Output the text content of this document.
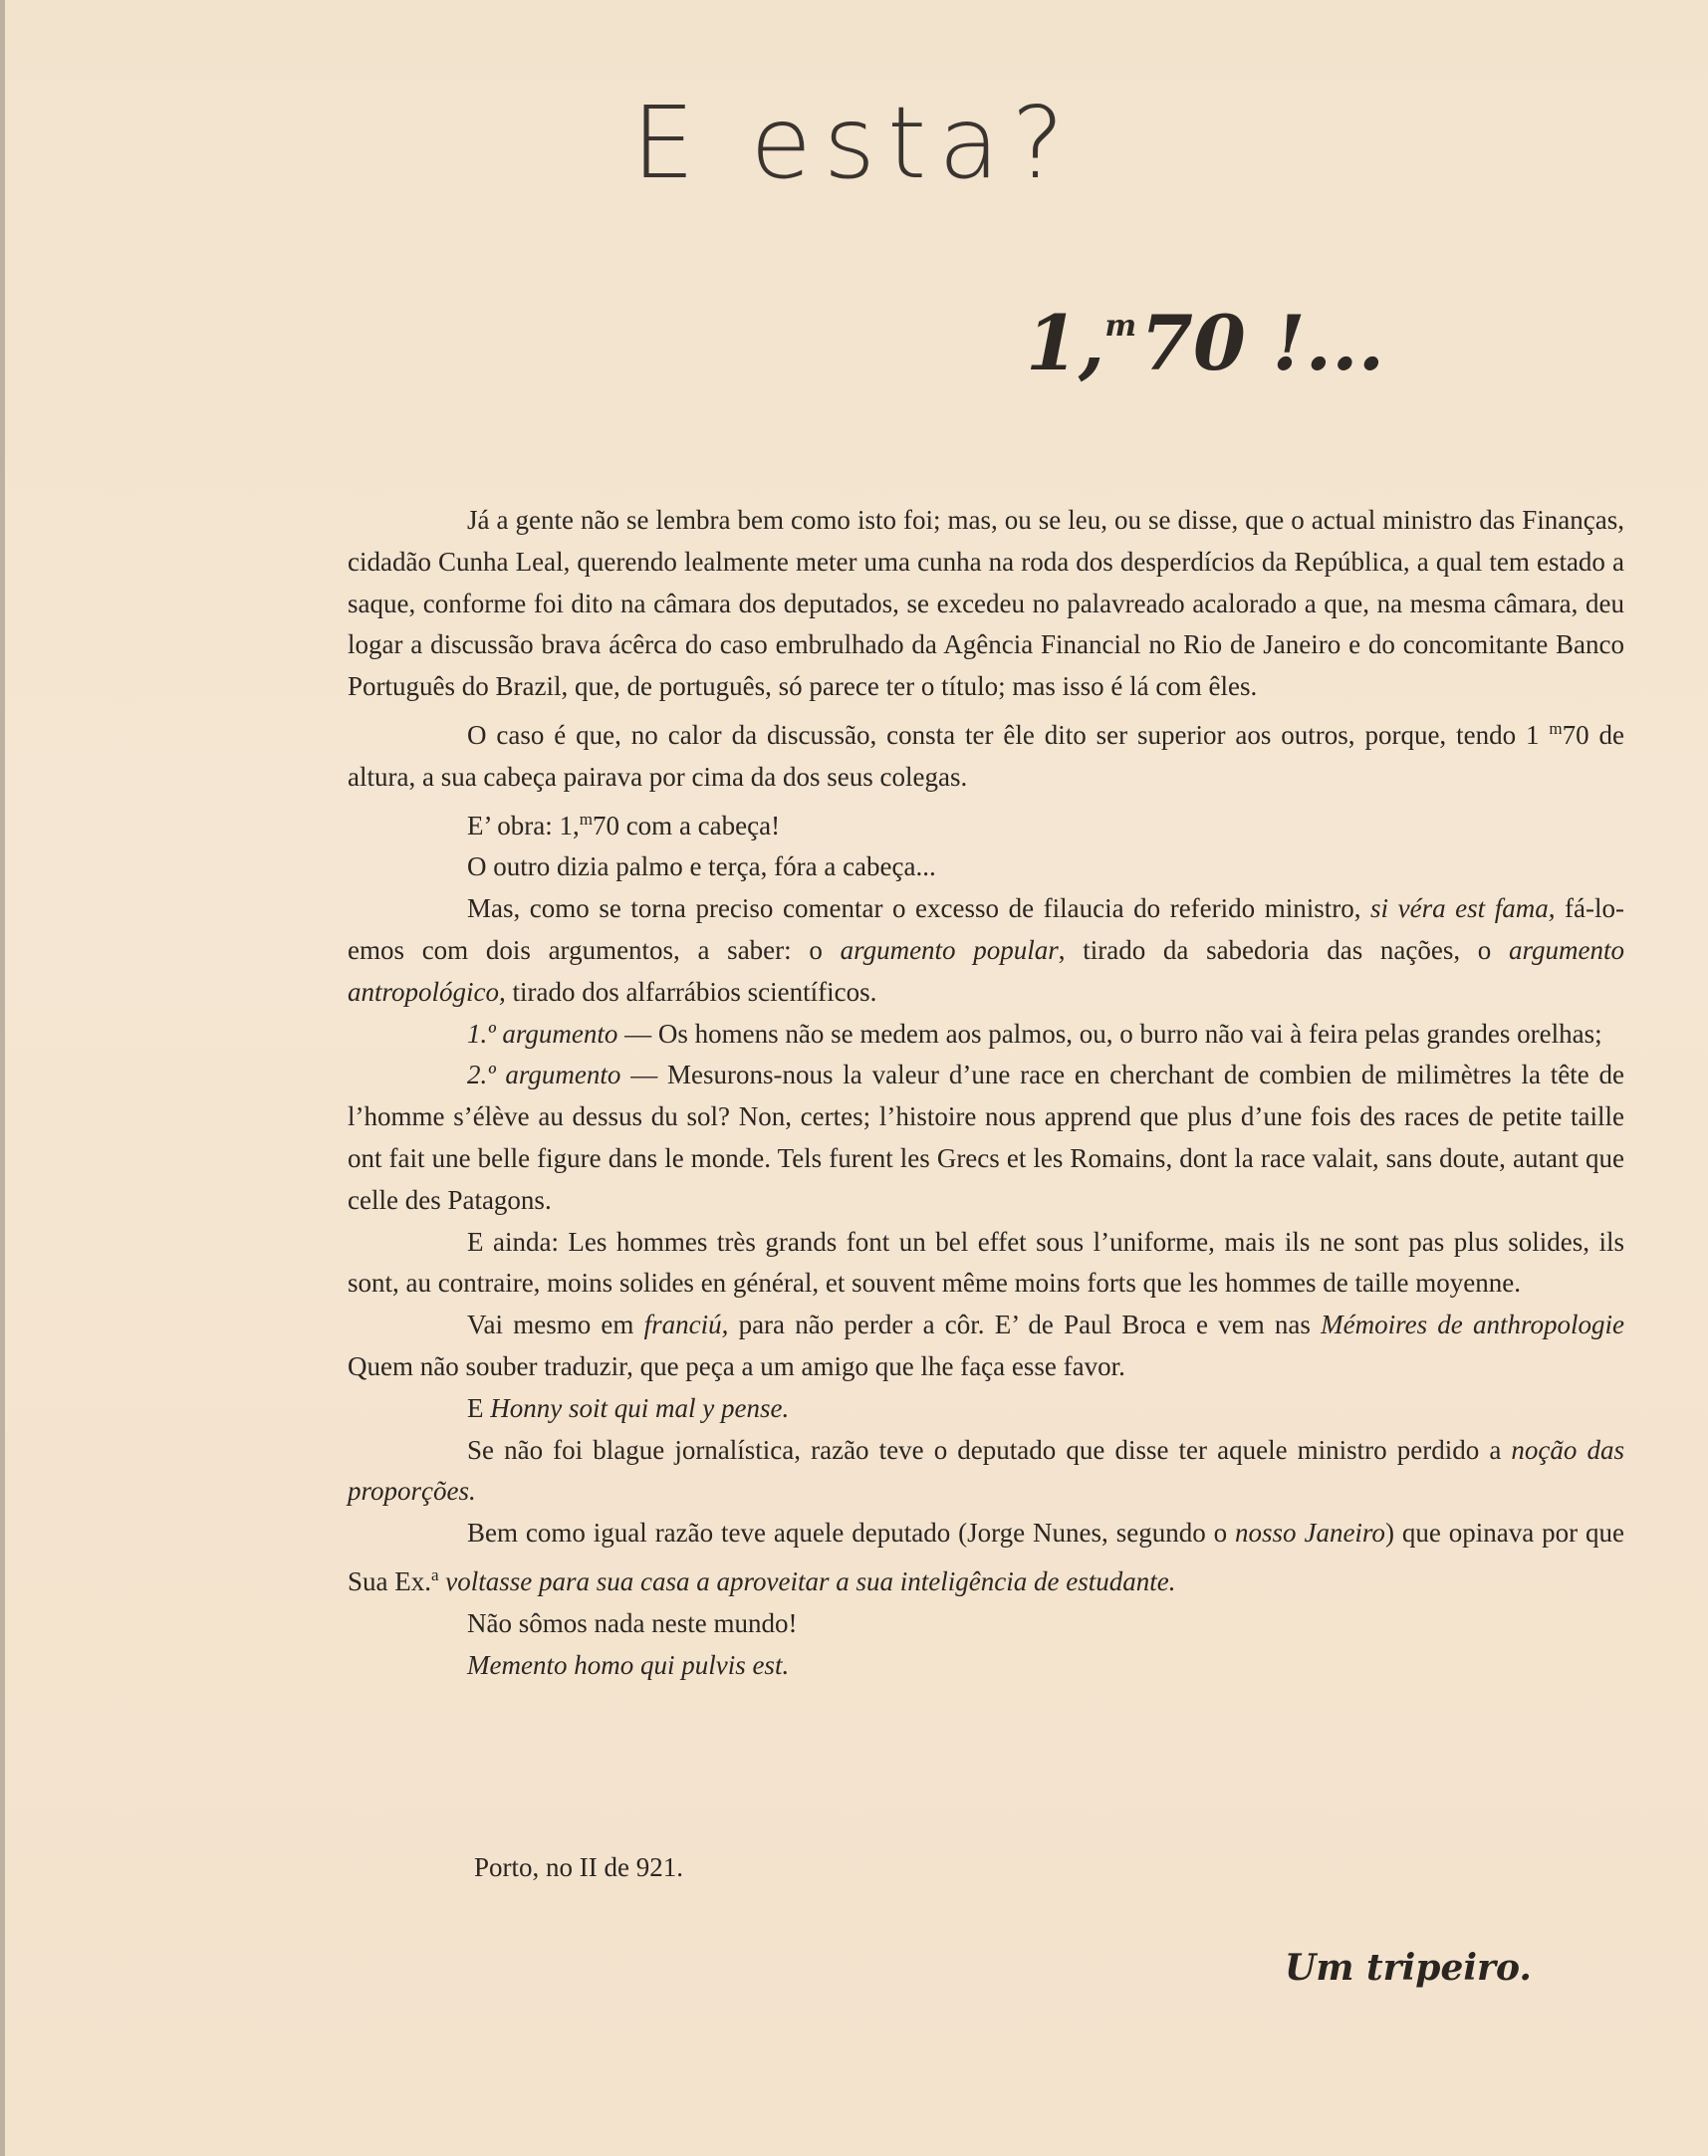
E esta?
1,$^m$70 !...

Já a gente não se lembra bem como isto foi; mas, ou se leu, ou se disse, que o actual ministro das Finanças, cidadão Cunha Leal, querendo lealmente meter uma cunha na roda dos desperdícios da República, a qual tem estado a saque, conforme foi dito na câmara dos deputados, se excedeu no palavreado acalorado a que, na mesma câmara, deu logar a discussão brava ácêrca do caso embrulhado da Agência Financial no Rio de Janeiro e do concomitante Banco Português do Brazil, que, de português, só parece ter o título; mas isso é lá com êles.

O caso é que, no calor da discussão, consta ter êle dito ser superior aos outros, porque, tendo 1 $^m$70 de altura, a sua cabeça pairava por cima da dos seus colegas.

E’ obra: 1,$^m$70 com a cabeça!

O outro dizia palmo e terça, fóra a cabeça...

Mas, como se torna preciso comentar o excesso de filaucia do referido ministro, si véra est fama, fá-lo-emos com dois argumentos, a saber: o argumento popular, tirado da sabedoria das nações, o argumento antropológico, tirado dos alfarrábios scientíficos.

1.º argumento — Os homens não se medem aos palmos, ou, o burro não vai à feira pelas grandes orelhas;

2.º argumento — Mesurons-nous la valeur d’une race en cherchant de combien de milimètres la tête de l’homme s’élève au dessus du sol? Non, certes; l’histoire nous apprend que plus d’une fois des races de petite taille ont fait une belle figure dans le monde. Tels furent les Grecs et les Romains, dont la race valait, sans doute, autant que celle des Patagons.

E ainda: Les hommes très grands font un bel effet sous l’uniforme, mais ils ne sont pas plus solides, ils sont, au contraire, moins solides en général, et souvent même moins forts que les hommes de taille moyenne.

Vai mesmo em franciú, para não perder a côr. E’ de Paul Broca e vem nas Mémoires de anthropologie Quem não souber traduzir, que peça a um amigo que lhe faça esse favor.

E Honny soit qui mal y pense.

Se não foi blague jornalística, razão teve o deputado que disse ter aquele ministro perdido a noção das proporções.

Bem como igual razão teve aquele deputado (Jorge Nunes, segundo o nosso Janeiro) que opinava por que Sua Ex.$^a$ voltasse para sua casa a aproveitar a sua inteligência de estudante.

Não sômos nada neste mundo!

Memento homo qui pulvis est.

Porto, no II de 921.
Um tripeiro.
